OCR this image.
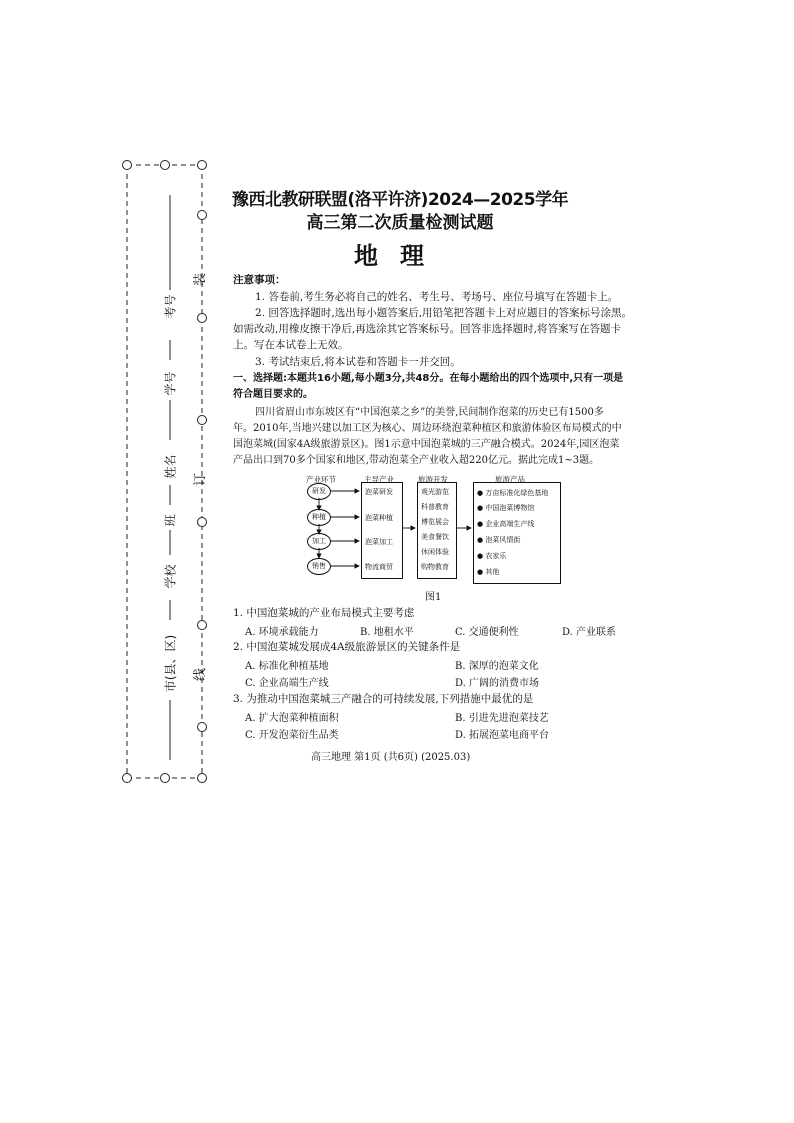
考号
学号
姓名
班
学校
市(县、区)
装
订
线
豫西北教研联盟(洛平许济)2024—2025学年
高三第二次质量检测试题
地理
注意事项：
1. 答卷前,考生务必将自己的姓名、考生号、考场号、座位号填写在答题卡上。
2. 回答选择题时,选出每小题答案后,用铅笔把答题卡上对应题目的答案标号涂黑。
如需改动,用橡皮擦干净后,再选涂其它答案标号。回答非选择题时,将答案写在答题卡
上。写在本试卷上无效。
3. 考试结束后,将本试卷和答题卡一并交回。
一、选择题:本题共16小题,每小题3分,共48分。在每小题给出的四个选项中,只有一项是
符合题目要求的。
四川省眉山市东坡区有“中国泡菜之乡”的美誉,民间制作泡菜的历史已有1500多
年。2010年,当地兴建以加工区为核心、周边环绕泡菜种植区和旅游体验区布局模式的中
国泡菜城(国家4A级旅游景区)。图1示意中国泡菜城的三产融合模式。2024年,园区泡菜
产品出口到70多个国家和地区,带动泡菜全产业收入超220亿元。据此完成1~3题。
产业环节	主导产业	旅游开发	旅游产品
研发
种植
加工
销售
泡菜研发
泡菜种植
泡菜加工
物流商贸
观光游览
科普教育
博览展会
美食餐饮
休闲体验
购物教育
● 万亩标准化绿色基地
● 中国泡菜博物馆
● 企业高端生产线
● 泡菜风情街
● 农家乐
● 其他
图1
1. 中国泡菜城的产业布局模式主要考虑
A. 环境承载能力	B. 地租水平	C. 交通便利性	D. 产业联系
2. 中国泡菜城发展成4A级旅游景区的关键条件是
A. 标准化种植基地	B. 深厚的泡菜文化
C. 企业高端生产线	D. 广阔的消费市场
3. 为推动中国泡菜城三产融合的可持续发展,下列措施中最优的是
A. 扩大泡菜种植面积	B. 引进先进泡菜技艺
C. 开发泡菜衍生品类	D. 拓展泡菜电商平台
高三地理 第1页 (共6页) (2025.03)
